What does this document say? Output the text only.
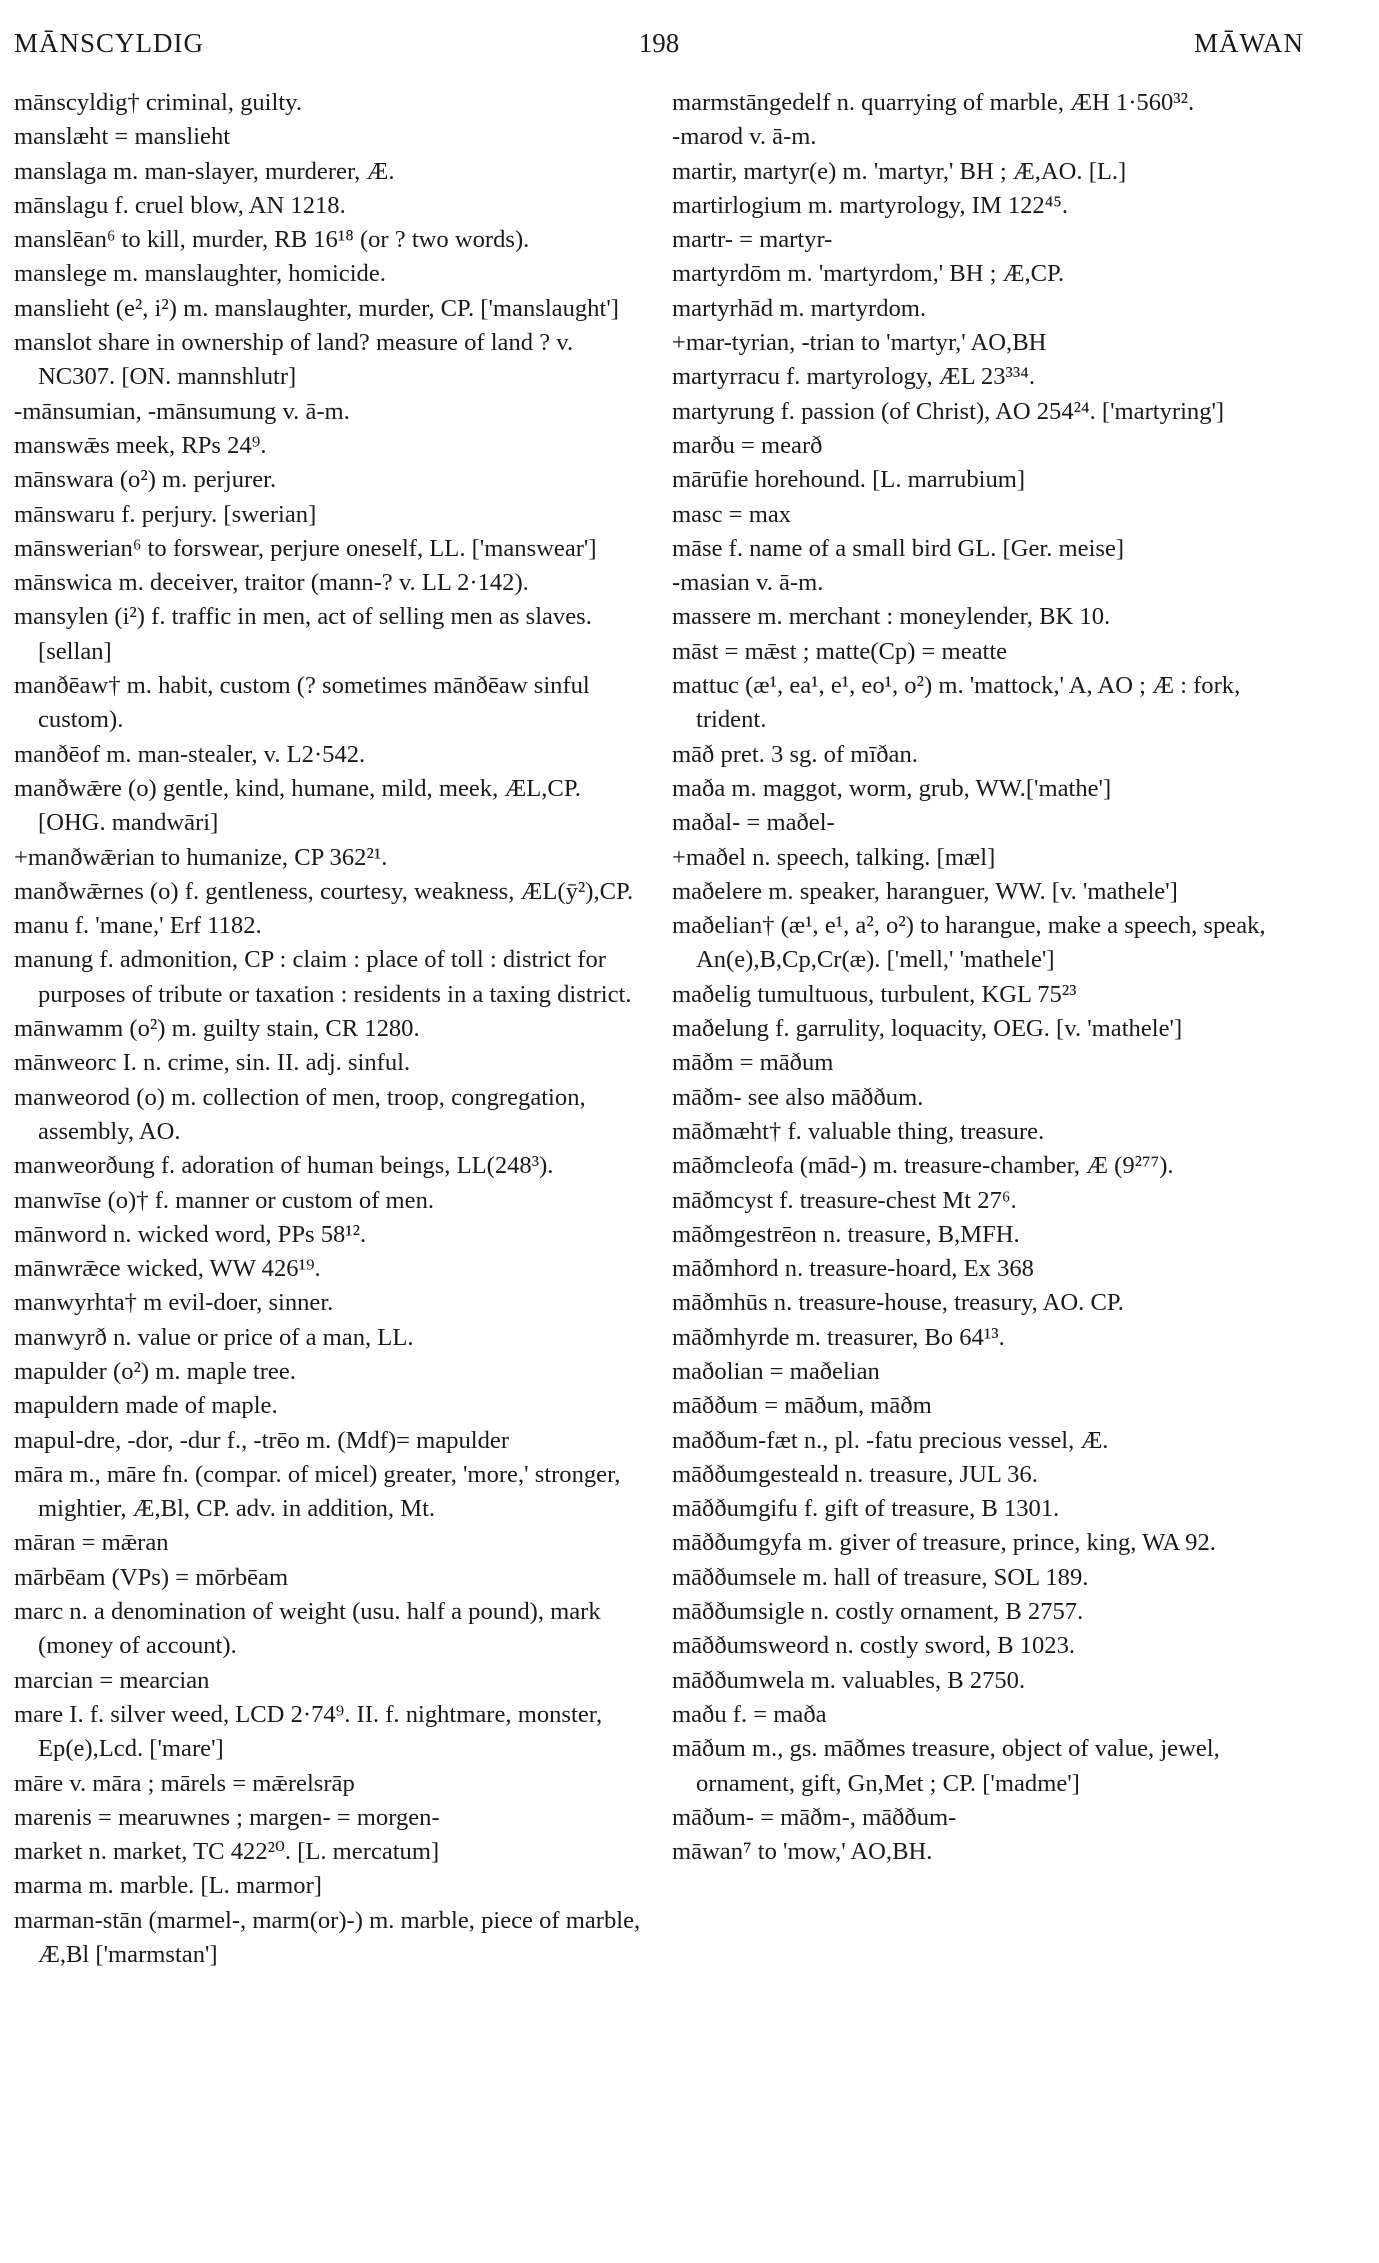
MĀNSCYLDIG	198	MĀWAN

mānscyldig† criminal, guilty.

manslæht = manslieht

manslaga m. man-slayer, murderer, Æ.

mānslagu f. cruel blow, AN 1218.

manslēan⁶ to kill, murder, RB 16¹⁸ (or ? two words).

manslege m. manslaughter, homicide.

manslieht (e², i²) m. manslaughter, murder, CP. ['manslaught']

manslot share in ownership of land? measure of land ? v. NC307. [ON. mannshlutr]

-mānsumian, -mānsumung v. ā-m.

manswǣs meek, RPs 24⁹.

mānswara (o²) m. perjurer.

mānswaru f. perjury. [swerian]

mānswerian⁶ to forswear, perjure oneself, LL. ['manswear']

mānswica m. deceiver, traitor (mann-? v. LL 2·142).

mansylen (i²) f. traffic in men, act of selling men as slaves. [sellan]

manðēaw† m. habit, custom (? sometimes mānðēaw sinful custom).

manðēof m. man-stealer, v. L2·542.

manðwǣre (o) gentle, kind, humane, mild, meek, ÆL,CP. [OHG. mandwāri]

+manðwǣrian to humanize, CP 362²¹.

manðwǣrnes (o) f. gentleness, courtesy, weakness, ÆL(ȳ²),CP.

manu f. 'mane,' Erf 1182.

manung f. admonition, CP : claim : place of toll : district for purposes of tribute or taxation : residents in a taxing district.

mānwamm (o²) m. guilty stain, CR 1280.

mānweorc I. n. crime, sin. II. adj. sinful.

manweorod (o) m. collection of men, troop, congregation, assembly, AO.

manweorðung f. adoration of human beings, LL(248³).

manwīse (o)† f. manner or custom of men.

mānword n. wicked word, PPs 58¹².

mānwrǣce wicked, WW 426¹⁹.

manwyrhta† m evil-doer, sinner.

manwyrð n. value or price of a man, LL.

mapulder (o²) m. maple tree.

mapuldern made of maple.

mapul-dre, -dor, -dur f., -trēo m. (Mdf)= mapulder

māra m., māre fn. (compar. of micel) greater, 'more,' stronger, mightier, Æ,Bl, CP. adv. in addition, Mt.

māran = mǣran

mārbēam (VPs) = mōrbēam

marc n. a denomination of weight (usu. half a pound), mark (money of account).

marcian = mearcian

mare I. f. silver weed, LCD 2·74⁹. II. f. nightmare, monster, Ep(e),Lcd. ['mare']

māre v. māra ; mārels = mǣrelsrāp

marenis = mearuwnes ; margen- = morgen-

market n. market, TC 422²⁰. [L. mercatum]

marma m. marble. [L. marmor]

marman-stān (marmel-, marm(or)-) m. marble, piece of marble, Æ,Bl ['marmstan']

marmstāngedelf n. quarrying of marble, ÆH 1·560³².

-marod v. ā-m.

martir, martyr(e) m. 'martyr,' BH ; Æ,AO. [L.]

martirlogium m. martyrology, IM 122⁴⁵.

martr- = martyr-

martyrdōm m. 'martyrdom,' BH ; Æ,CP.

martyrhād m. martyrdom.

+mar-tyrian, -trian to 'martyr,' AO,BH

martyrracu f. martyrology, ÆL 23³³⁴.

martyrung f. passion (of Christ), AO 254²⁴. ['martyring']

marðu = mearð

mārūfie horehound. [L. marrubium]

masc = max

māse f. name of a small bird GL. [Ger. meise]

-masian v. ā-m.

massere m. merchant : moneylender, BK 10.

māst = mǣst ; matte(Cp) = meatte

mattuc (æ¹, ea¹, e¹, eo¹, o²) m. 'mattock,' A, AO ; Æ : fork, trident.

māð pret. 3 sg. of mīðan.

maða m. maggot, worm, grub, WW.['mathe']

maðal- = maðel-

+maðel n. speech, talking. [mæl]

maðelere m. speaker, haranguer, WW. [v. 'mathele']

maðelian† (æ¹, e¹, a², o²) to harangue, make a speech, speak, An(e),B,Cp,Cr(æ). ['mell,' 'mathele']

maðelig tumultuous, turbulent, KGL 75²³

maðelung f. garrulity, loquacity, OEG. [v. 'mathele']

māðm = māðum

māðm- see also māððum.

māðmæht† f. valuable thing, treasure.

māðmcleofa (mād-) m. treasure-chamber, Æ (9²⁷⁷).

māðmcyst f. treasure-chest Mt 27⁶.

māðmgestrēon n. treasure, B,MFH.

māðmhord n. treasure-hoard, Ex 368

māðmhūs n. treasure-house, treasury, AO. CP.

māðmhyrde m. treasurer, Bo 64¹³.

maðolian = maðelian

māððum = māðum, māðm

maððum-fæt n., pl. -fatu precious vessel, Æ.

māððumgesteald n. treasure, JUL 36.

māððumgifu f. gift of treasure, B 1301.

māððumgyfa m. giver of treasure, prince, king, WA 92.

māððumsele m. hall of treasure, SOL 189.

māððumsigle n. costly ornament, B 2757.

māððumsweord n. costly sword, B 1023.

māððumwela m. valuables, B 2750.

maðu f. = maða

māðum m., gs. māðmes treasure, object of value, jewel, ornament, gift, Gn,Met ; CP. ['madme']

māðum- = māðm-, māððum-

māwan⁷ to 'mow,' AO,BH.
